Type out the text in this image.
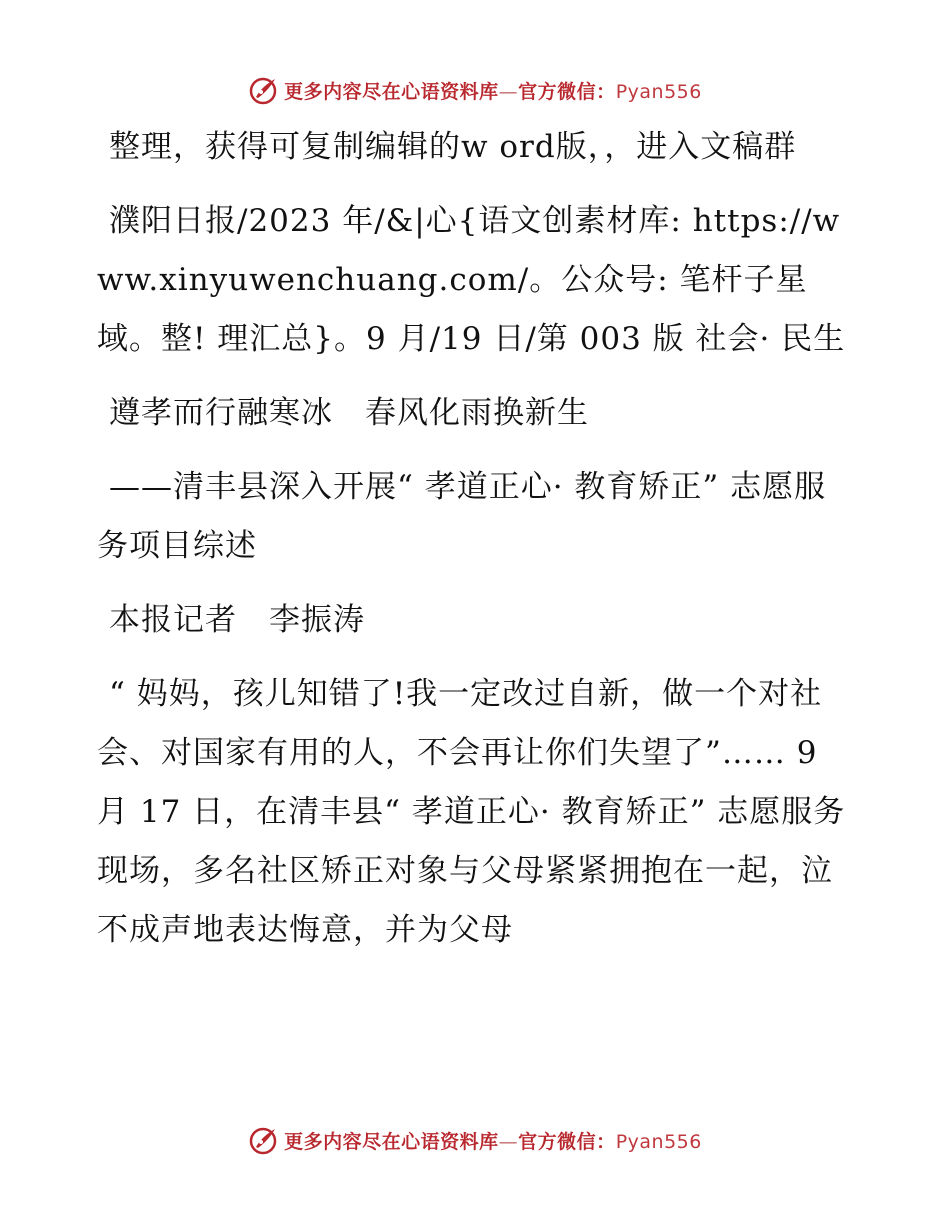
更多内容尽在心语资料库—官方微信：Pyan556

整理，获得可复制编辑的w ord版，，进入文稿群

濮阳日报/2023 年/&|心{语文创素材库: https://www.xinyuwenchuang.com/。公众号: 笔杆子星域。整! 理汇总}。9 月/19 日/第 003 版 社会· 民生

遵孝而行融寒冰　春风化雨换新生

——清丰县深入开展“ 孝道正心· 教育矫正” 志愿服务项目综述

本报记者　李振涛

“ 妈妈，孩儿知错了!我一定改过自新，做一个对社会、对国家有用的人，不会再让你们失望了”…… 9 月 17 日，在清丰县“ 孝道正心· 教育矫正” 志愿服务现场，多名社区矫正对象与父母紧紧拥抱在一起，泣不成声地表达悔意，并为父母

更多内容尽在心语资料库—官方微信：Pyan556
